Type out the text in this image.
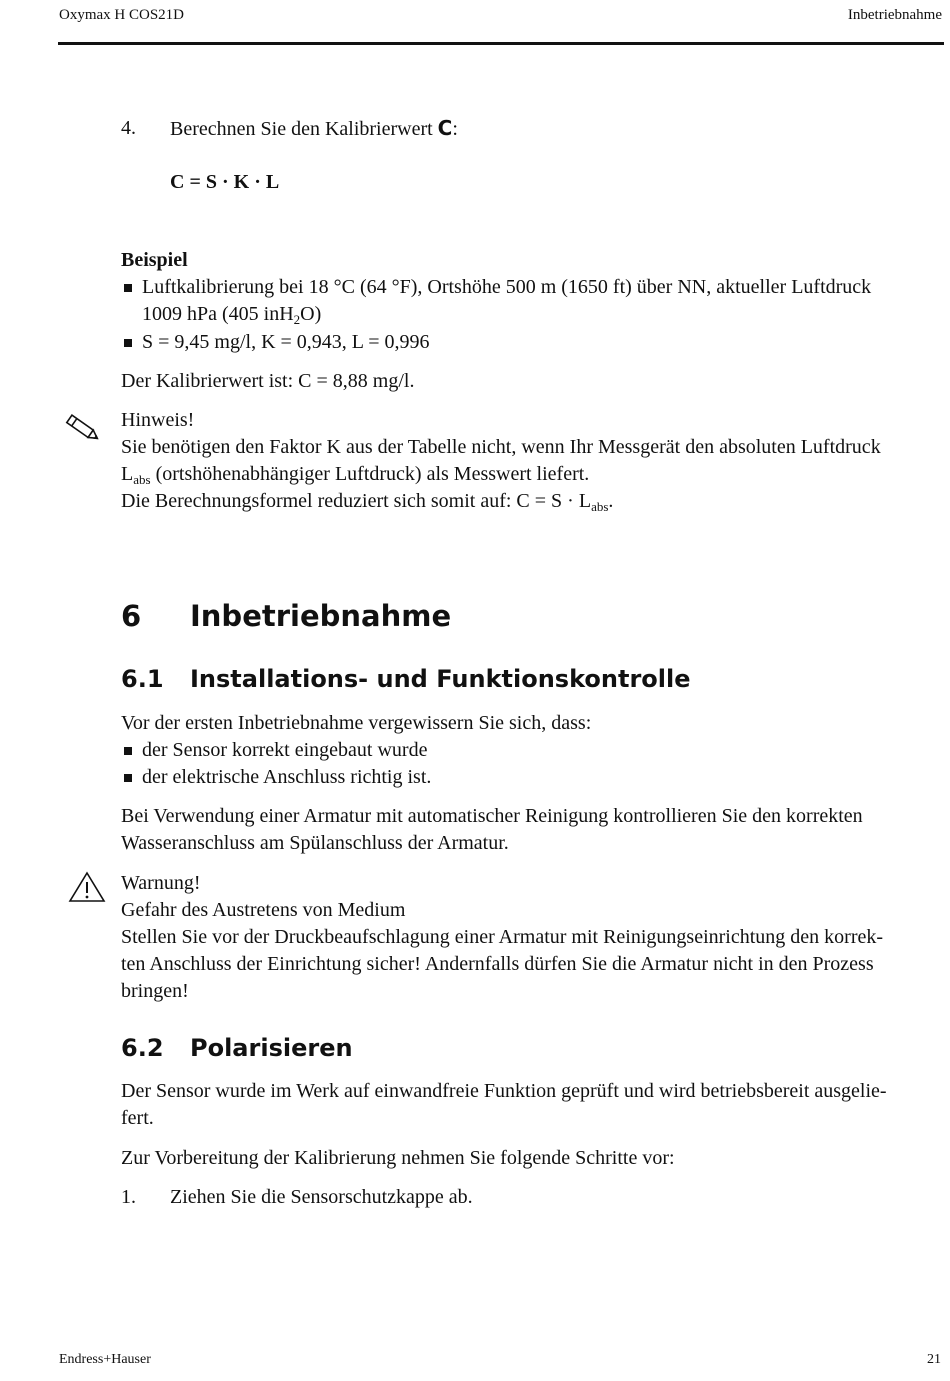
Oxymax H COS21D	Inbetriebnahme
4. Berechnen Sie den Kalibrierwert C:
C = S · K · L
Beispiel
Luftkalibrierung bei 18 °C (64 °F), Ortshöhe 500 m (1650 ft) über NN, aktueller Luftdruck
1009 hPa (405 inH$_2$O)
S = 9,45 mg/l, K = 0,943, L = 0,996
Der Kalibrierwert ist: C = 8,88 mg/l.
Hinweis!
Sie benötigen den Faktor K aus der Tabelle nicht, wenn Ihr Messgerät den absoluten Luftdruck
$L_{abs}$ (ortshöhenabhängiger Luftdruck) als Messwert liefert.
Die Berechnungsformel reduziert sich somit auf: $C = S \cdot L_{abs}$.
6 Inbetriebnahme
6.1 Installations- und Funktionskontrolle
Vor der ersten Inbetriebnahme vergewissern Sie sich, dass:
der Sensor korrekt eingebaut wurde
der elektrische Anschluss richtig ist.
Bei Verwendung einer Armatur mit automatischer Reinigung kontrollieren Sie den korrekten
Wasseranschluss am Spülanschluss der Armatur.
Warnung!
Gefahr des Austretens von Medium
Stellen Sie vor der Druckbeaufschlagung einer Armatur mit Reinigungseinrichtung den korrek-
ten Anschluss der Einrichtung sicher! Andernfalls dürfen Sie die Armatur nicht in den Prozess
bringen!
6.2 Polarisieren
Der Sensor wurde im Werk auf einwandfreie Funktion geprüft und wird betriebsbereit ausgelie-
fert.
Zur Vorbereitung der Kalibrierung nehmen Sie folgende Schritte vor:
1. Ziehen Sie die Sensorschutzkappe ab.
Endress+Hauser	21
